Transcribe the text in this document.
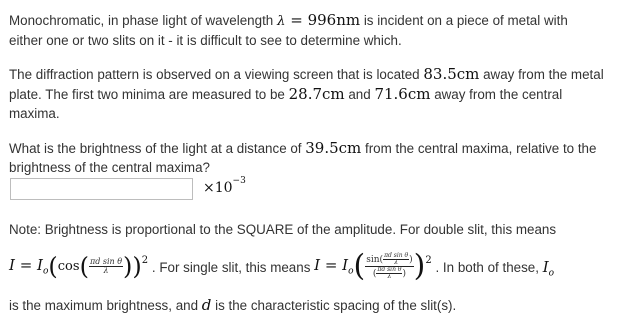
Monochromatic, in phase light of wavelength λ = 996nm is incident on a piece of metal with
either one or two slits on it - it is difficult to see to determine which.
The diffraction pattern is observed on a viewing screen that is located 83.5cm away from the metal
plate. The first two minima are measured to be 28.7cm and 71.6cm away from the central
maxima.
What is the brightness of the light at a distance of 39.5cm from the central maxima, relative to the
brightness of the central maxima?
$\times 10^{-3}$
Note: Brightness is proportional to the SQUARE of the amplitude. For double slit, this means
$I = I_o(\cos( \frac{\text{πd sin θ}}{\lambda} ))^2$ . For single slit, this means $I = I_o( \frac{\sin( \frac{\text{πd sin θ}}{\lambda} )}{( \frac{\text{πd sin θ}}{\lambda} )} )^2$ . In both of these, $I_o$
is the maximum brightness, and d is the characteristic spacing of the slit(s).
